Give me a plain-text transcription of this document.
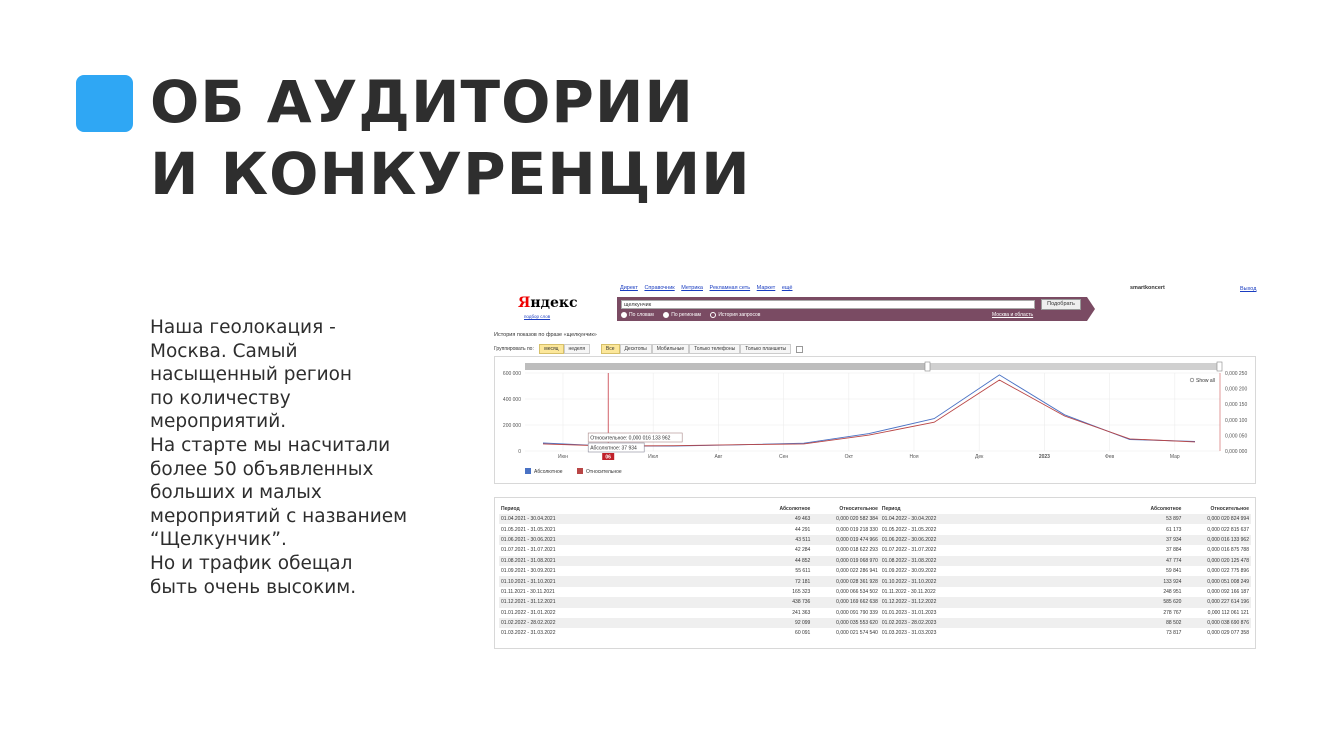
ОБ АУДИТОРИИ
И КОНКУРЕНЦИИ
Наша геолокация -
Москва. Самый
насыщенный регион
по количеству
мероприятий.
На старте мы насчитали
более 50 объявленных
больших и малых
мероприятий с названием
“Щелкунчик”.
Но и трафик обещал
быть очень высоким.
Директ Справочник Метрика Рекламная сеть Маркет ещё	smartkoncert	Выход
Яндекс
подбор слов
щелкунчик	Подобрать
По словам	По регионам	История запросов	Москва и область
История показов по фразе «щелкунчик»
Группировать по: месяц неделя	Все Десктопы Мобильные Только телефоны Только планшеты
600 000
400 000
200 000
0
0,000 250
0,000 200
0,000 150
0,000 100
0,000 050
0,000 000
Июн	06	Июл	Авг	Сен	Окт	Ноя	Дек	2023	Фев	Мар
Относительное: 0,000 016 133 962
Абсолютное: 37 934
Show all
Абсолютное	Относительное
Период	Абсолютное	Относительное	Период	Абсолютное	Относительное
01.04.2021 - 30.04.2021	49 463	0,000 020 582 384	01.04.2022 - 30.04.2022	53 897	0,000 020 824 994
01.05.2021 - 31.05.2021	44 291	0,000 019 218 330	01.05.2022 - 31.05.2022	61 173	0,000 022 815 637
01.06.2021 - 30.06.2021	43 511	0,000 019 474 966	01.06.2022 - 30.06.2022	37 934	0,000 016 133 962
01.07.2021 - 31.07.2021	42 284	0,000 018 622 293	01.07.2022 - 31.07.2022	37 884	0,000 016 875 788
01.08.2021 - 31.08.2021	44 852	0,000 019 068 970	01.08.2022 - 31.08.2022	47 774	0,000 020 125 478
01.09.2021 - 30.09.2021	55 611	0,000 022 286 941	01.09.2022 - 30.09.2022	59 841	0,000 022 775 896
01.10.2021 - 31.10.2021	72 181	0,000 028 361 928	01.10.2022 - 31.10.2022	133 924	0,000 051 008 249
01.11.2021 - 30.11.2021	165 323	0,000 066 534 502	01.11.2022 - 30.11.2022	248 951	0,000 092 166 187
01.12.2021 - 31.12.2021	438 736	0,000 169 662 638	01.12.2022 - 31.12.2022	585 620	0,000 227 614 196
01.01.2022 - 31.01.2022	241 363	0,000 091 790 339	01.01.2023 - 31.01.2023	278 767	0,000 112 061 121
01.02.2022 - 28.02.2022	92 099	0,000 035 553 620	01.02.2023 - 28.02.2023	88 502	0,000 038 690 876
01.03.2022 - 31.03.2022	60 091	0,000 021 574 540	01.03.2023 - 31.03.2023	73 817	0,000 029 077 358
